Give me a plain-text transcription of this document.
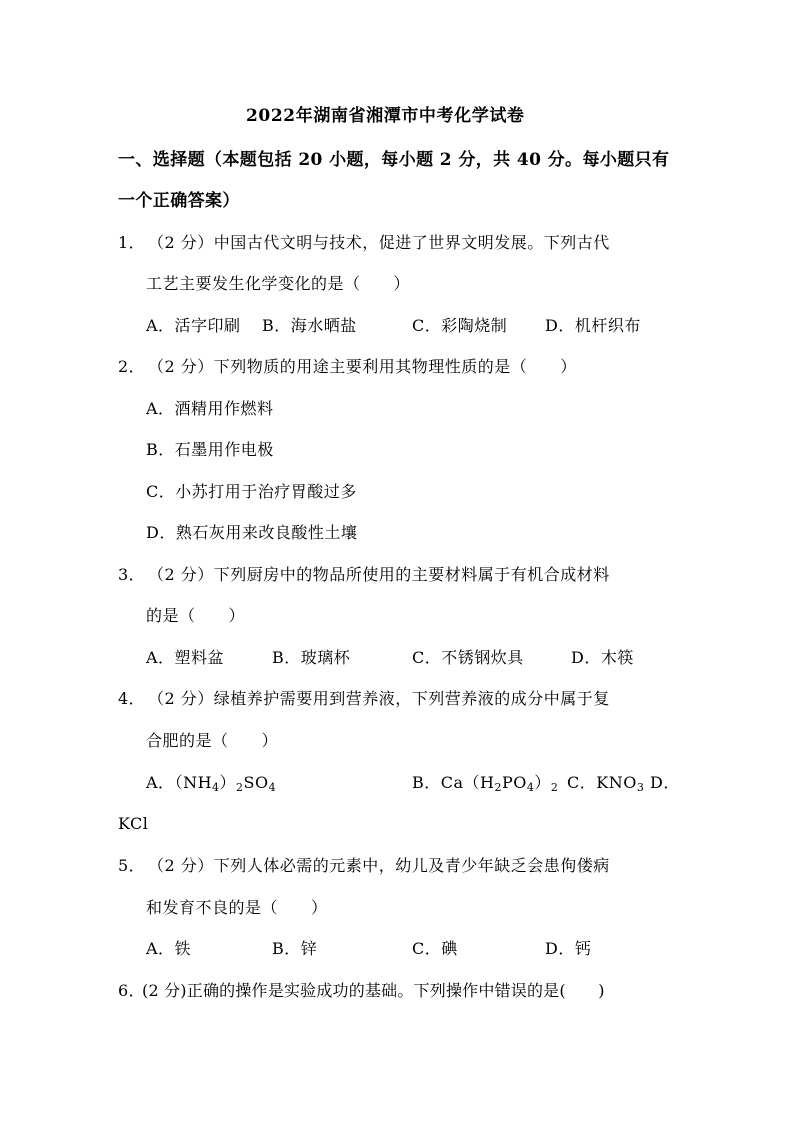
2022年湖南省湘潭市中考化学试卷
一、选择题（本题包括 20 小题，每小题 2 分，共 40 分。每小题只有
一个正确答案）
1． （2 分）中国古代文明与技术，促进了世界文明发展。下列古代
工艺主要发生化学变化的是（　　）
A．活字印刷 B．海水晒盐	C．彩陶烧制 D．机杆织布
2． （2 分）下列物质的用途主要利用其物理性质的是（　　）
A．酒精用作燃料
B．石墨用作电极
C．小苏打用于治疗胃酸过多
D．熟石灰用来改良酸性土壤
3． （2 分）下列厨房中的物品所使用的主要材料属于有机合成材料
的是（　　）
A．塑料盆	B．玻璃杯	C．不锈钢炊具	D．木筷
4． （2 分）绿植养护需要用到营养液，下列营养液的成分中属于复
合肥的是（　　）
A．$(NH_4)_2SO_4$	B．$Ca(H_2PO_4)_2$ C．$KNO_3$ D．
KCl
5． （2 分）下列人体必需的元素中，幼儿及青少年缺乏会患佝偻病
和发育不良的是（　　）
A．铁	B．锌	C．碘	D．钙
6．
(2 分)正确的操作是实验成功的基础。下列操作中错误的是(　　)
